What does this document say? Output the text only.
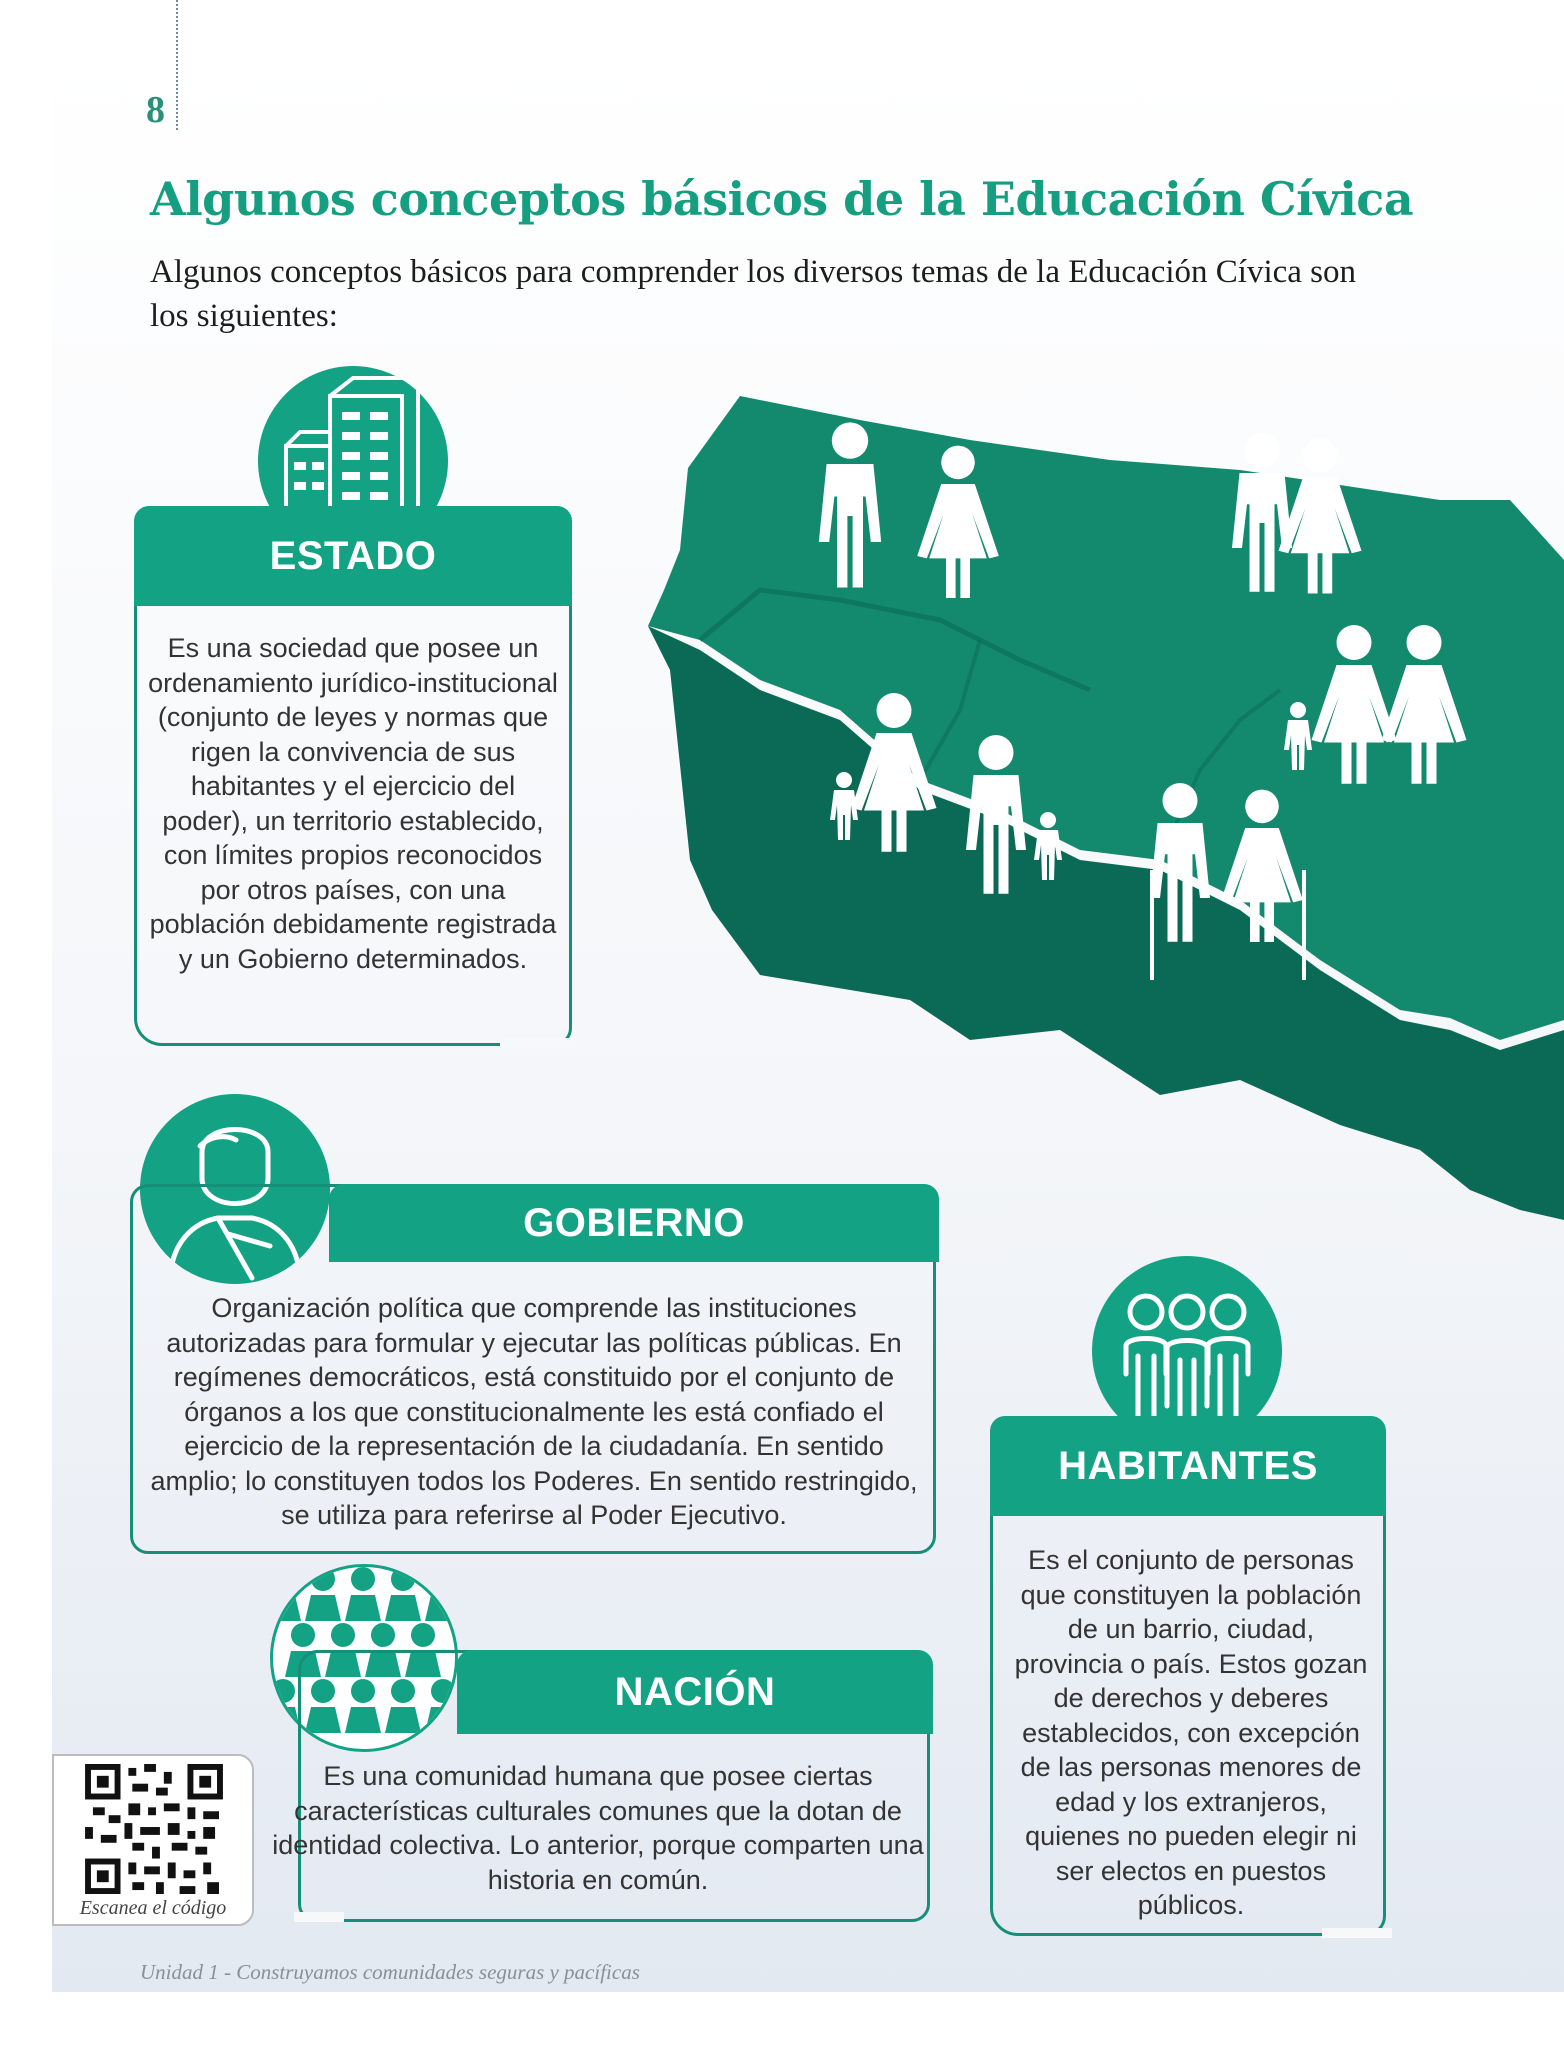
8
Algunos conceptos básicos de la Educación Cívica
Algunos conceptos básicos para comprender los diversos temas de la Educación Cívica son los siguientes:
ESTADO
Es una sociedad que posee un ordenamiento jurídico-institucional (conjunto de leyes y normas que rigen la convivencia de sus habitantes y el ejercicio del poder), un territorio establecido, con límites propios reconocidos por otros países, con una población debidamente registrada y un Gobierno determinados.
GOBIERNO
Organización política que comprende las instituciones autorizadas para formular y ejecutar las políticas públicas. En regímenes democráticos, está constituido por el conjunto de órganos a los que constitucionalmente les está confiado el ejercicio de la representación de la ciudadanía. En sentido amplio; lo constituyen todos los Poderes. En sentido restringido, se utiliza para referirse al Poder Ejecutivo.
HABITANTES
Es el conjunto de personas que constituyen la población de un barrio, ciudad, provincia o país. Estos gozan de derechos y deberes establecidos, con excepción de las personas menores de edad y los extranjeros, quienes no pueden elegir ni ser electos en puestos públicos.
NACIÓN
Es una comunidad humana que posee ciertas características culturales comunes que la dotan de identidad colectiva. Lo anterior, porque comparten una historia en común.
Escanea el código
Unidad 1 - Construyamos comunidades seguras y pacíficas
